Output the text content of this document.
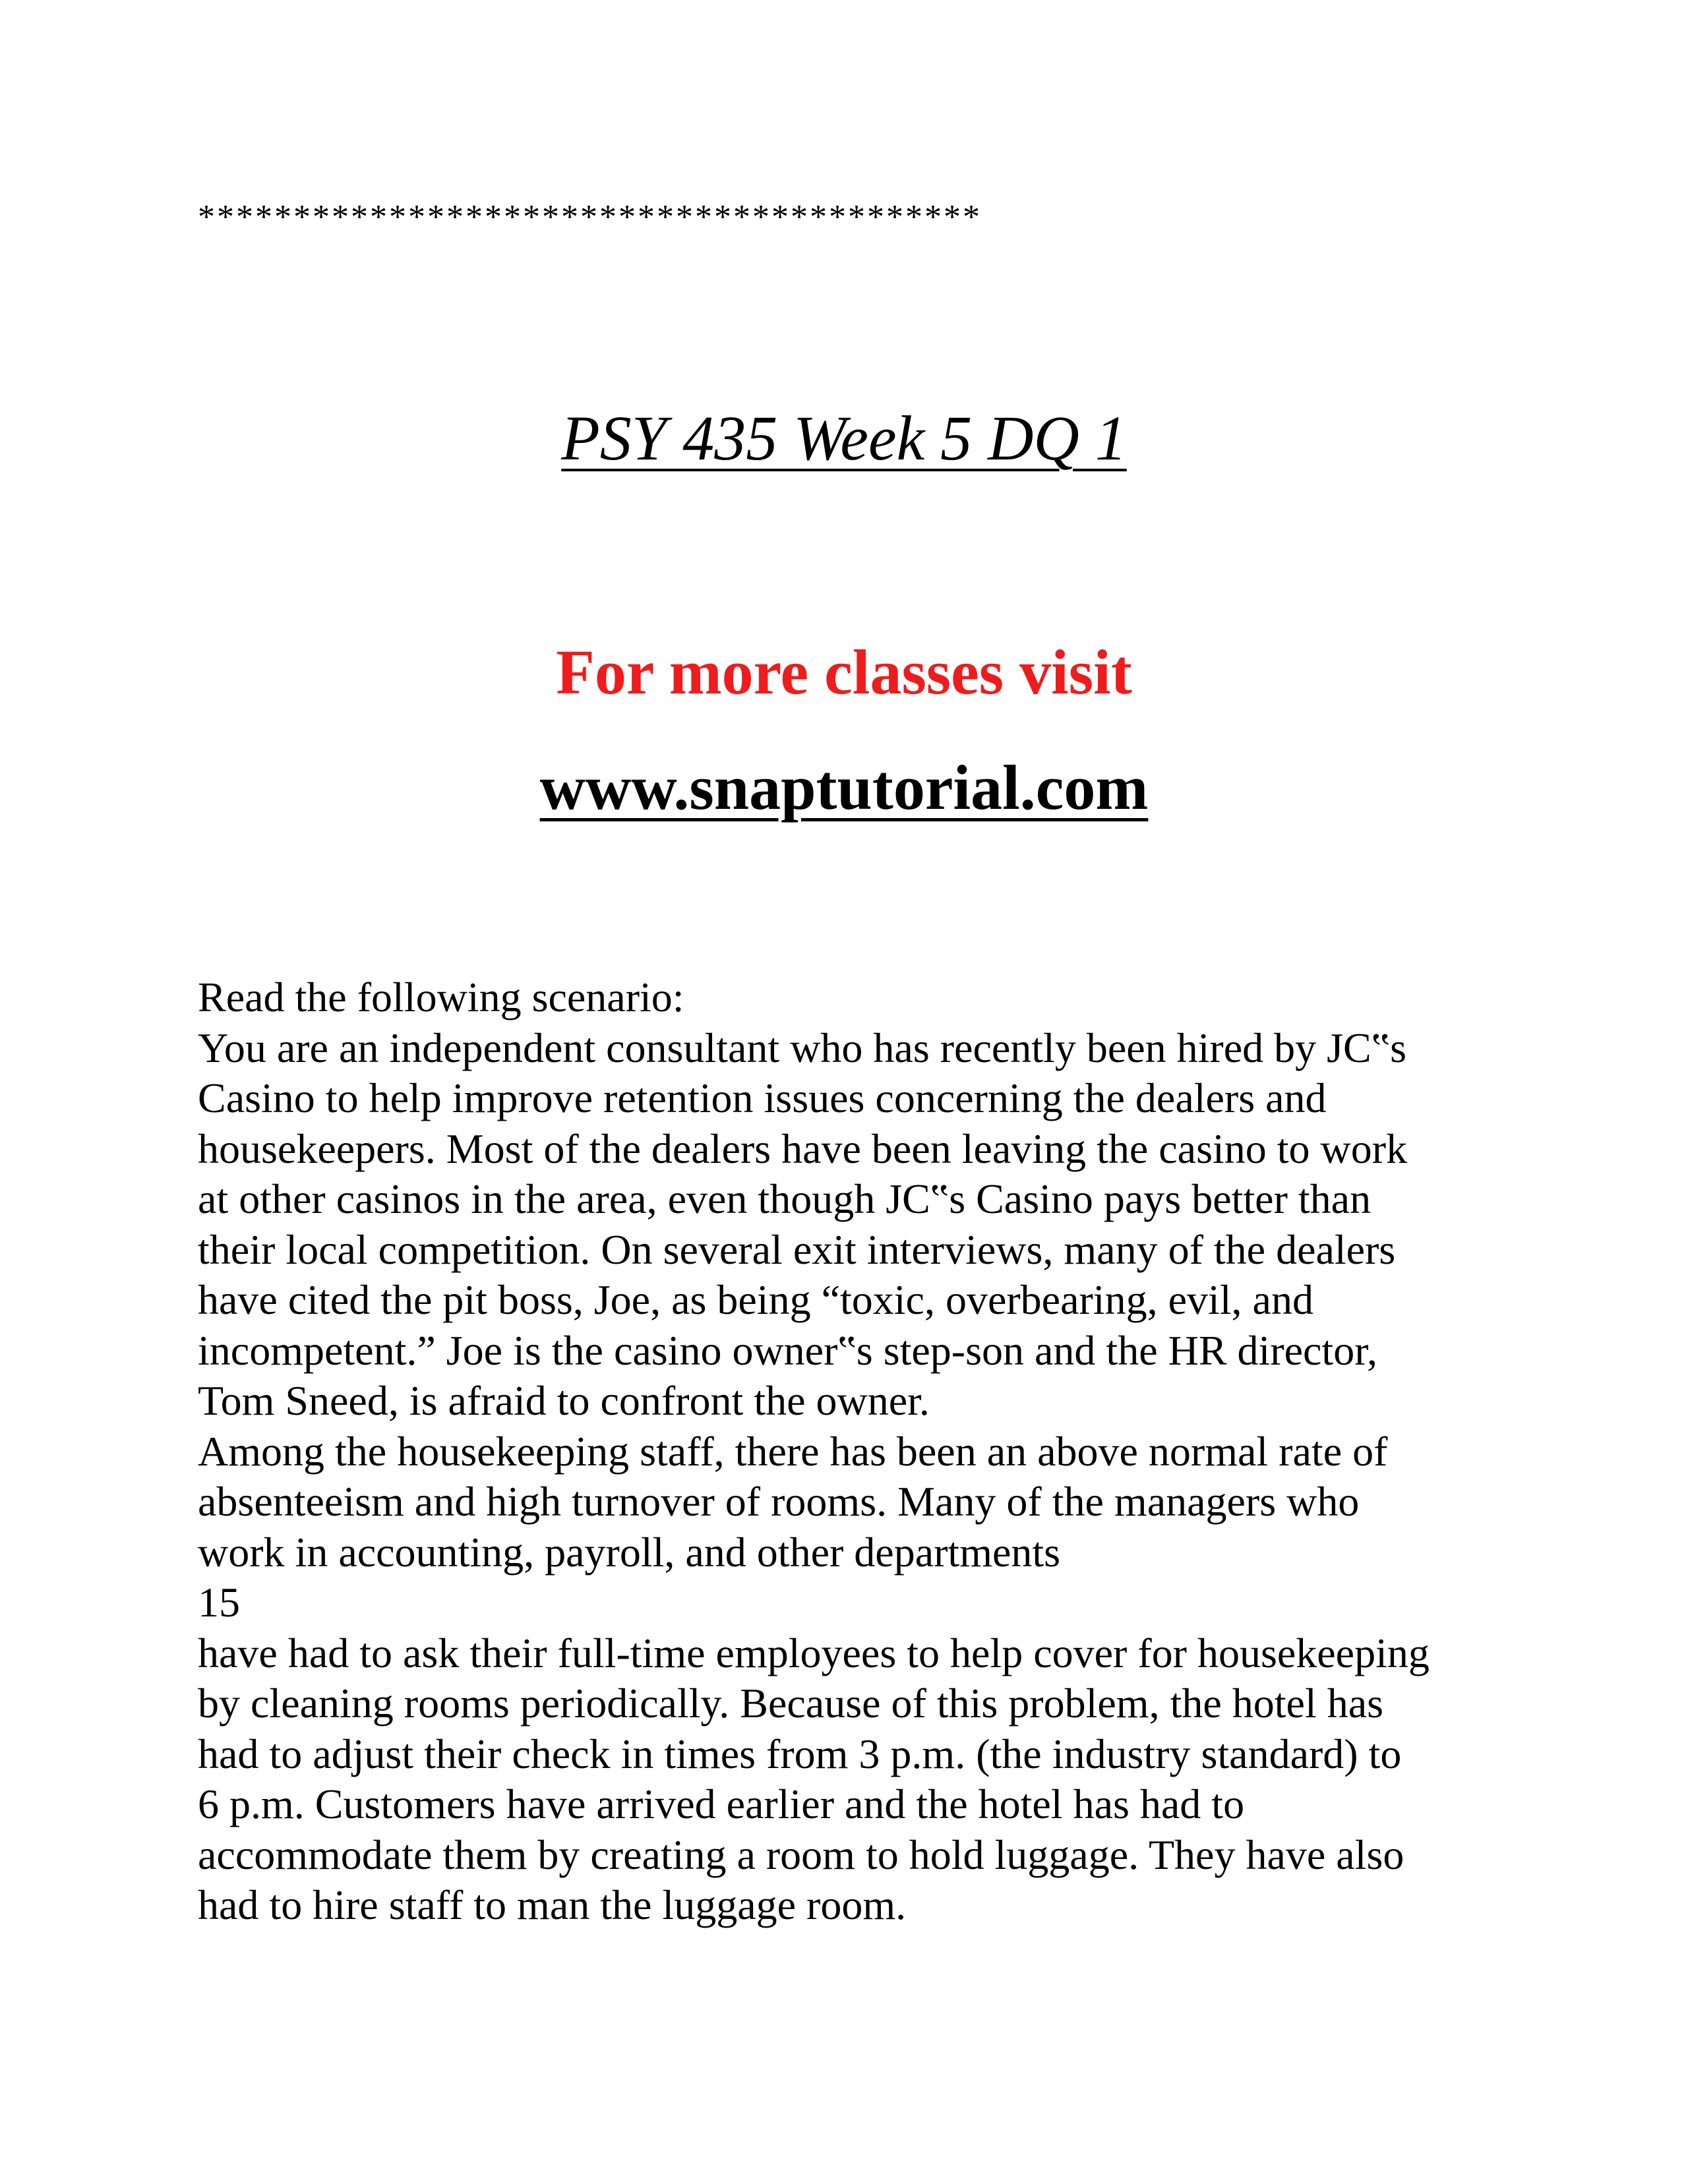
*****************************************
PSY 435 Week 5 DQ 1
For more classes visit
www.snaptutorial.com
Read the following scenario:
You are an independent consultant who has recently been hired by JC‟s
Casino to help improve retention issues concerning the dealers and
housekeepers. Most of the dealers have been leaving the casino to work
at other casinos in the area, even though JC‟s Casino pays better than
their local competition. On several exit interviews, many of the dealers
have cited the pit boss, Joe, as being “toxic, overbearing, evil, and
incompetent.” Joe is the casino owner‟s step-son and the HR director,
Tom Sneed, is afraid to confront the owner.
Among the housekeeping staff, there has been an above normal rate of
absenteeism and high turnover of rooms. Many of the managers who
work in accounting, payroll, and other departments
15
have had to ask their full-time employees to help cover for housekeeping
by cleaning rooms periodically. Because of this problem, the hotel has
had to adjust their check in times from 3 p.m. (the industry standard) to
6 p.m. Customers have arrived earlier and the hotel has had to
accommodate them by creating a room to hold luggage. They have also
had to hire staff to man the luggage room.
